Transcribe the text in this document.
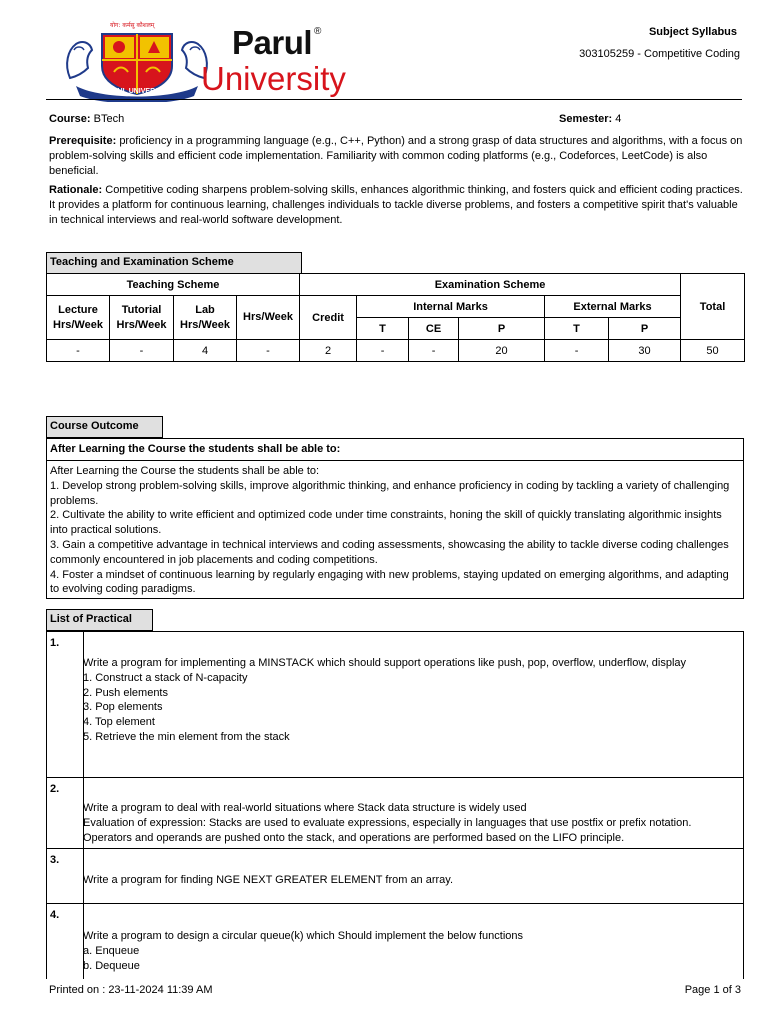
योग: कर्मसु कौशलम्
PARUL UNIVERSITY
Parul ®
University
Subject Syllabus
303105259 - Competitive Coding
Course: BTech	Semester: 4
Prerequisite: proficiency in a programming language (e.g., C++, Python) and a strong grasp of data structures and algorithms, with a focus on problem-solving skills and efficient code implementation. Familiarity with common coding platforms (e.g., Codeforces, LeetCode) is also beneficial.
Rationale: Competitive coding sharpens problem-solving skills, enhances algorithmic thinking, and fosters quick and efficient coding practices. It provides a platform for continuous learning, challenges individuals to tackle diverse problems, and fosters a competitive spirit that's valuable in technical interviews and real-world software development.
Teaching and Examination Scheme
Teaching Scheme				Examination Scheme						Total
Lecture Hrs/Week	Tutorial Hrs/Week	Lab Hrs/Week	Hrs/Week	Credit	Internal Marks			External Marks		
					T	CE	P	T	P	
-	-	4	-	2	-	-	20	-	30	50
Course Outcome
After Learning the Course the students shall be able to:
After Learning the Course the students shall be able to:
1. Develop strong problem-solving skills, improve algorithmic thinking, and enhance proficiency in coding by tackling a variety of challenging problems.
2. Cultivate the ability to write efficient and optimized code under time constraints, honing the skill of quickly translating algorithmic insights into practical solutions.
3. Gain a competitive advantage in technical interviews and coding assessments, showcasing the ability to tackle diverse coding challenges commonly encountered in job placements and coding competitions.
4. Foster a mindset of continuous learning by regularly engaging with new problems, staying updated on emerging algorithms, and adapting to evolving coding paradigms.
List of Practical
1.
Write a program for implementing a MINSTACK which should support operations like push, pop, overflow, underflow, display
1. Construct a stack of N-capacity
2. Push elements
3. Pop elements
4. Top element
5. Retrieve the min element from the stack
2.
Write a program to deal with real-world situations where Stack data structure is widely used
Evaluation of expression: Stacks are used to evaluate expressions, especially in languages that use postfix or prefix notation. Operators and operands are pushed onto the stack, and operations are performed based on the LIFO principle.
3.
Write a program for finding NGE NEXT GREATER ELEMENT from an array.
4.
Write a program to design a circular queue(k) which Should implement the below functions
a. Enqueue
b. Dequeue
Printed on : 23-11-2024 11:39 AM	Page 1 of 3
